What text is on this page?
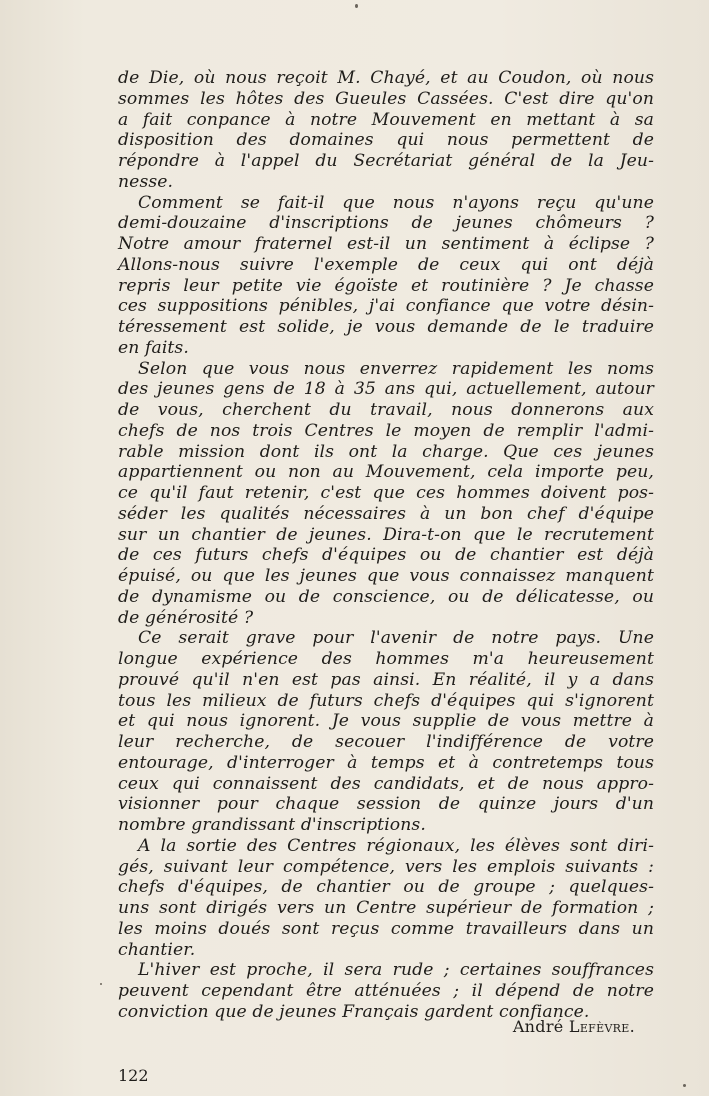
de Die, où nous reçoit M. Chayé, et au Coudon, où nous
sommes les hôtes des Gueules Cassées. C'est dire qu'on
a fait conpance à notre Mouvement en mettant à sa
disposition des domaines qui nous permettent de
répondre à l'appel du Secrétariat général de la Jeu-
nesse.
Comment se fait-il que nous n'ayons reçu qu'une
demi-douzaine d'inscriptions de jeunes chômeurs ?
Notre amour fraternel est-il un sentiment à éclipse ?
Allons-nous suivre l'exemple de ceux qui ont déjà
repris leur petite vie égoïste et routinière ? Je chasse
ces suppositions pénibles, j'ai confiance que votre désin-
téressement est solide, je vous demande de le traduire
en faits.
Selon que vous nous enverrez rapidement les noms
des jeunes gens de 18 à 35 ans qui, actuellement, autour
de vous, cherchent du travail, nous donnerons aux
chefs de nos trois Centres le moyen de remplir l'admi-
rable mission dont ils ont la charge. Que ces jeunes
appartiennent ou non au Mouvement, cela importe peu,
ce qu'il faut retenir, c'est que ces hommes doivent pos-
séder les qualités nécessaires à un bon chef d'équipe
sur un chantier de jeunes. Dira-t-on que le recrutement
de ces futurs chefs d'équipes ou de chantier est déjà
épuisé, ou que les jeunes que vous connaissez manquent
de dynamisme ou de conscience, ou de délicatesse, ou
de générosité ?
Ce serait grave pour l'avenir de notre pays. Une
longue expérience des hommes m'a heureusement
prouvé qu'il n'en est pas ainsi. En réalité, il y a dans
tous les milieux de futurs chefs d'équipes qui s'ignorent
et qui nous ignorent. Je vous supplie de vous mettre à
leur recherche, de secouer l'indifférence de votre
entourage, d'interroger à temps et à contretemps tous
ceux qui connaissent des candidats, et de nous appro-
visionner pour chaque session de quinze jours d'un
nombre grandissant d'inscriptions.
A la sortie des Centres régionaux, les élèves sont diri-
gés, suivant leur compétence, vers les emplois suivants :
chefs d'équipes, de chantier ou de groupe ; quelques-
uns sont dirigés vers un Centre supérieur de formation ;
les moins doués sont reçus comme travailleurs dans un
chantier.
L'hiver est proche, il sera rude ; certaines souffrances
peuvent cependant être atténuées ; il dépend de notre
conviction que de jeunes Français gardent confiance.
André Lefèvre.
122
